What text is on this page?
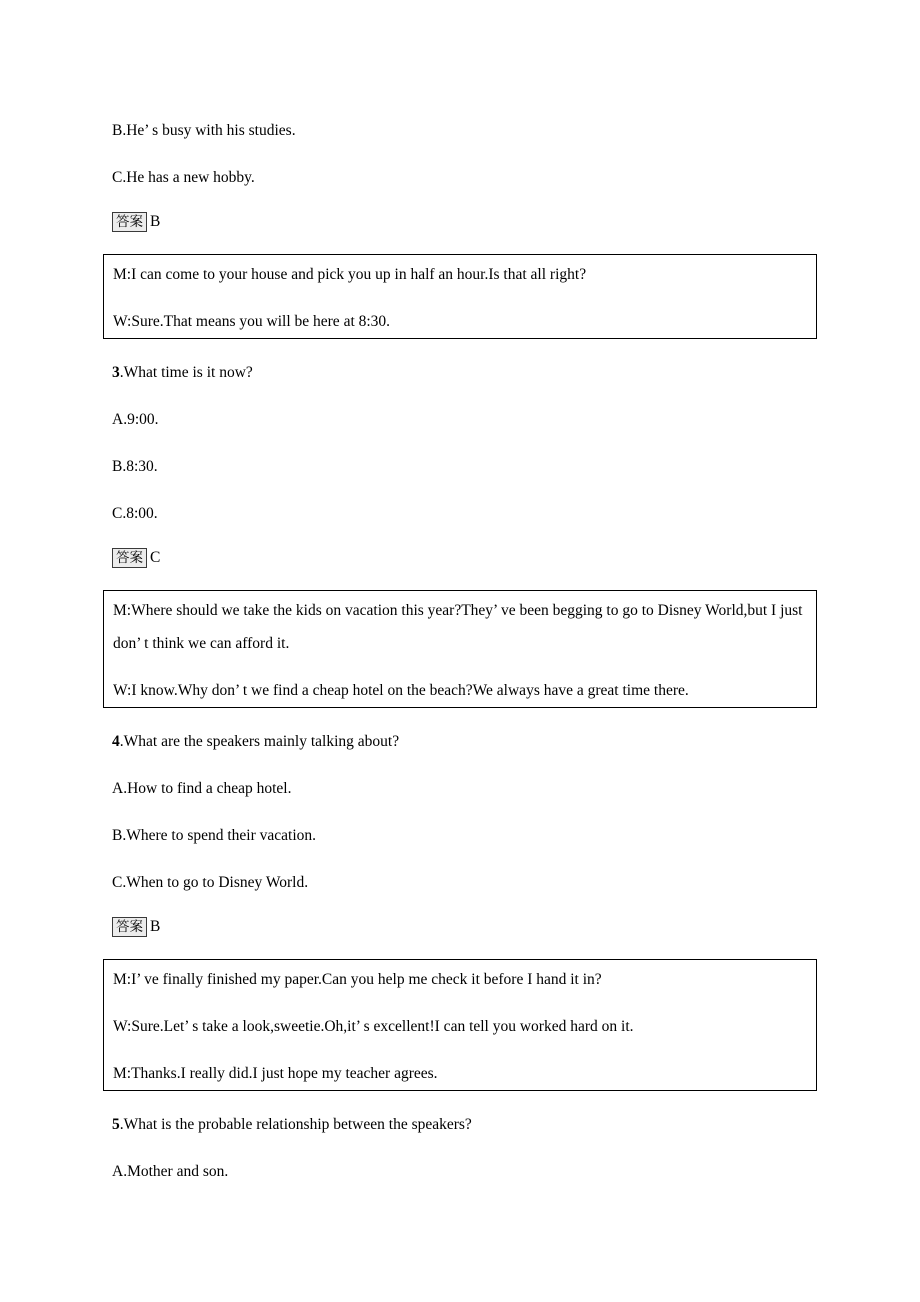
B.He’ s busy with his studies.

C.He has a new hobby.

答案 B

M:I can come to your house and pick you up in half an hour.Is that all right?

W:Sure.That means you will be here at 8:30.

3.What time is it now?

A.9:00.

B.8:30.

C.8:00.

答案 C

M:Where should we take the kids on vacation this year?They’ ve been begging to go to Disney World,but I just don’ t think we can afford it.

W:I know.Why don’ t we find a cheap hotel on the beach?We always have a great time there.

4.What are the speakers mainly talking about?

A.How to find a cheap hotel.

B.Where to spend their vacation.

C.When to go to Disney World.

答案 B

M:I’ ve finally finished my paper.Can you help me check it before I hand it in?

W:Sure.Let’ s take a look,sweetie.Oh,it’ s excellent!I can tell you worked hard on it.

M:Thanks.I really did.I just hope my teacher agrees.

5.What is the probable relationship between the speakers?

A.Mother and son.
